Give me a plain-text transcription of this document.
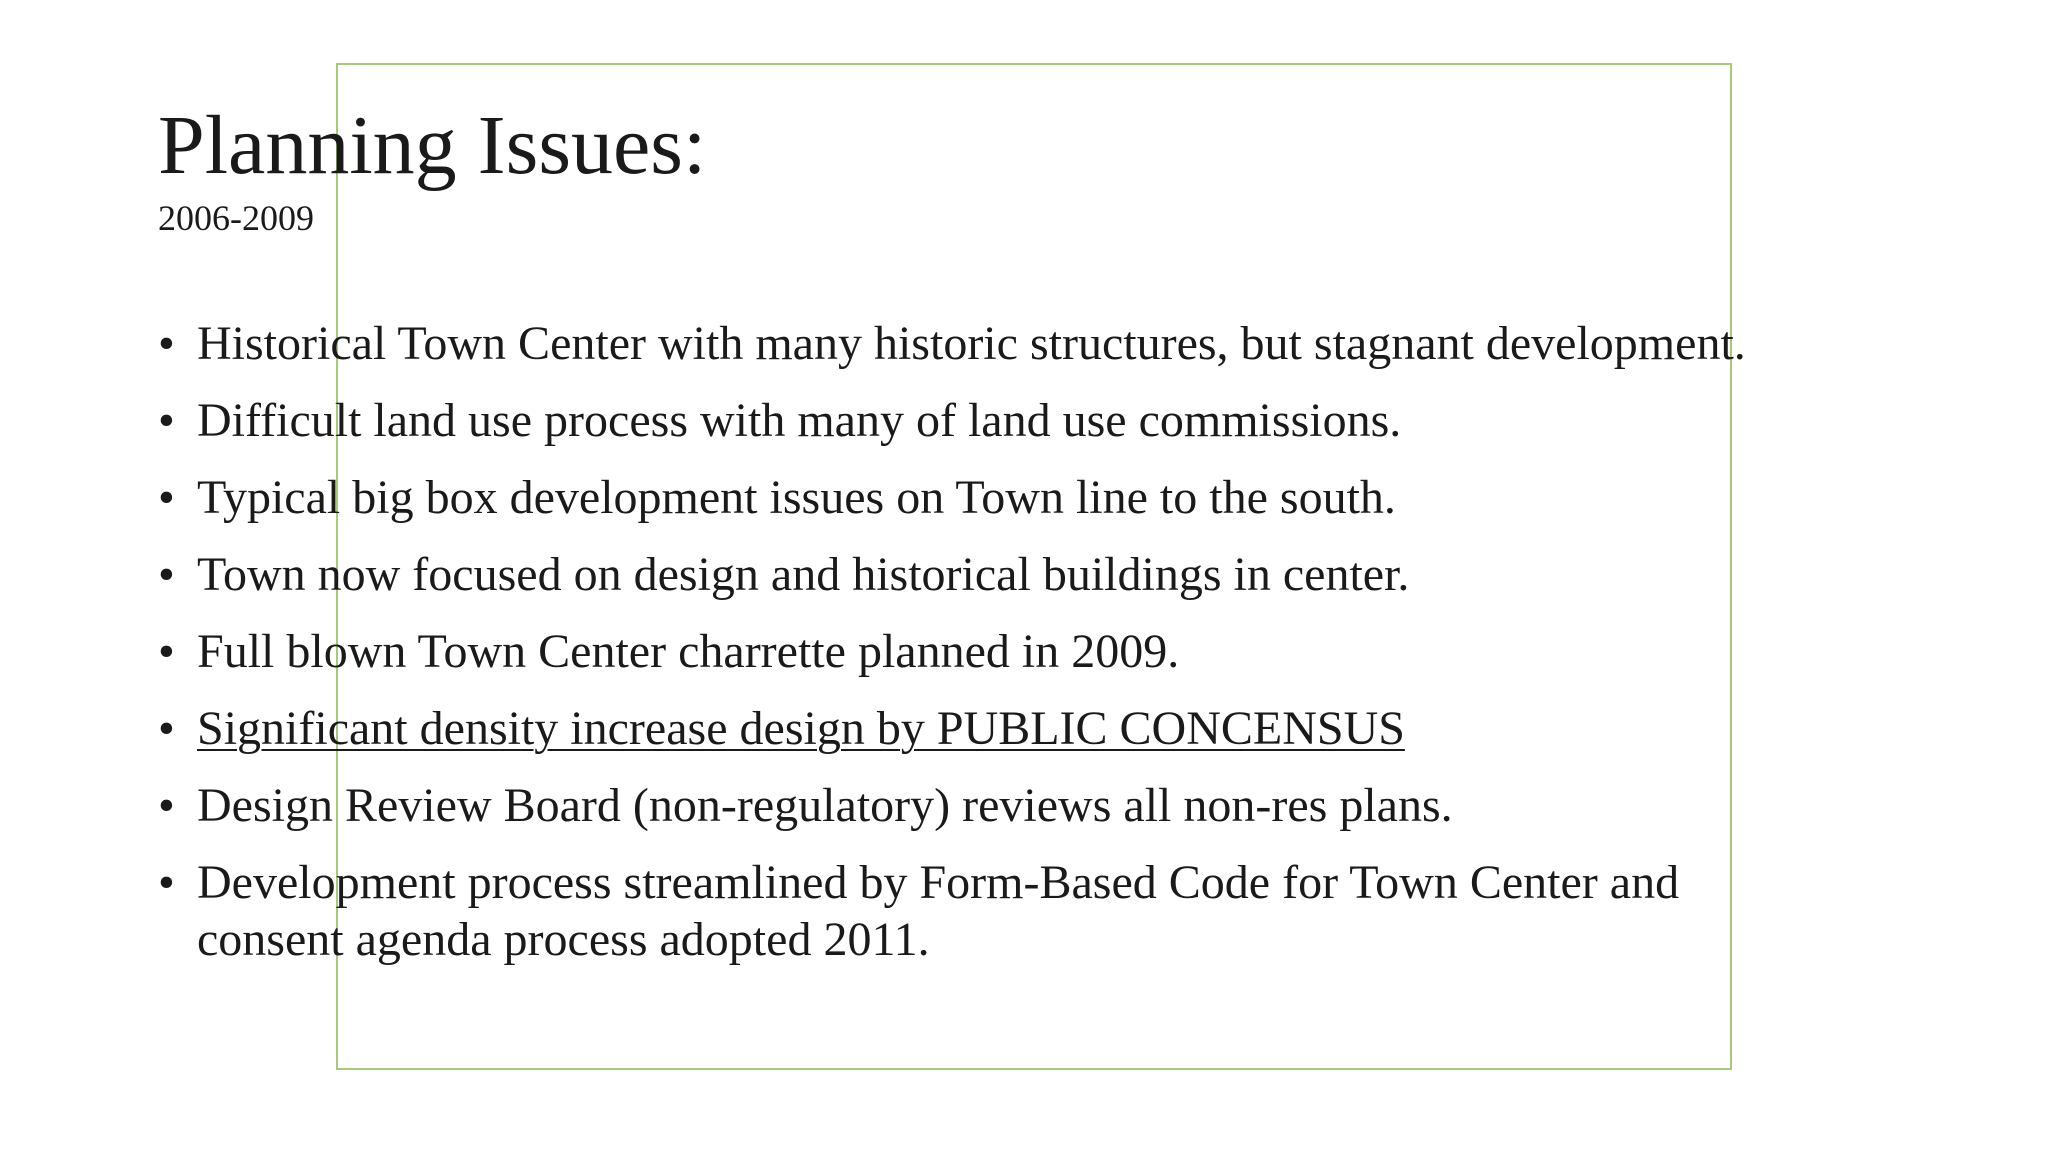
Planning Issues:
2006-2009
• Historical Town Center with many historic structures, but stagnant development.
• Difficult land use process with many of land use commissions.
• Typical big box development issues on Town line to the south.
• Town now focused on design and historical buildings in center.
• Full blown Town Center charrette planned in 2009.
• Significant density increase design by PUBLIC CONCENSUS
• Design Review Board (non-regulatory) reviews all non-res plans.
• Development process streamlined by Form-Based Code for Town Center and
consent agenda process adopted 2011.
